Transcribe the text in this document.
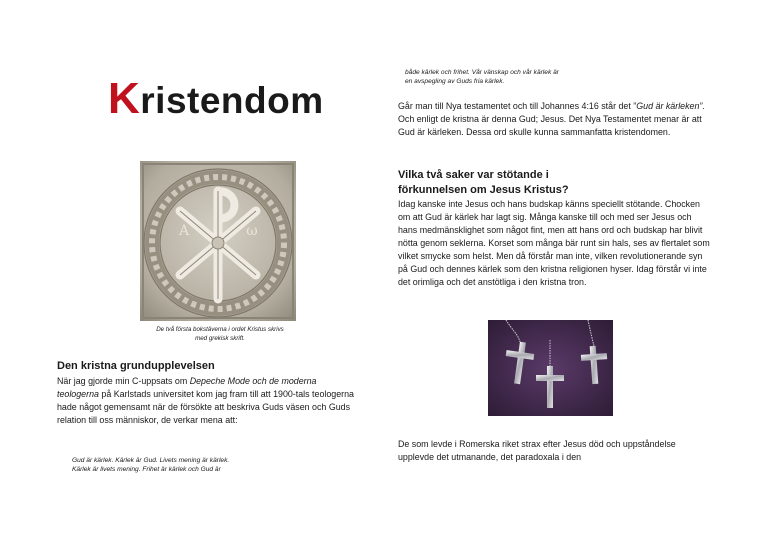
Kristendom
A	ω
De två första bokstäverna i ordet Kristus skrivs
med grekisk skrift.
Den kristna grundupplevelsen
När jag gjorde min C-uppsats om Depeche Mode och de moderna teologerna på Karlstads universitet kom jag fram till att 1900-tals teologerna hade något gemensamt när de försökte att beskriva Guds väsen och Guds relation till oss människor, de verkar mena att:
Gud är kärlek. Kärlek är Gud. Livets mening är kärlek.
Kärlek är livets mening. Frihet är kärlek och Gud är
både kärlek och frihet. Vår vänskap och vår kärlek är
en avspegling av Guds fria kärlek.
Går man till Nya testamentet och till Johannes 4:16 står det ”Gud är kärleken”. Och enligt de kristna är denna Gud; Jesus. Det Nya Testamentet menar är att Gud är kärleken. Dessa ord skulle kunna sammanfatta kristendomen.
Vilka två saker var stötande i
förkunnelsen om Jesus Kristus?
Idag kanske inte Jesus och hans budskap känns speciellt stötande. Chocken om att Gud är kärlek har lagt sig. Många kanske till och med ser Jesus och hans medmänsklighet som något fint, men att hans ord och budskap har blivit nötta genom seklerna. Korset som många bär runt sin hals, ses av flertalet som vilket smycke som helst. Men då förstår man inte, vilken revolutionerande syn på Gud och dennes kärlek som den kristna religionen hyser. Idag förstår vi inte det orimliga och det anstötliga i den kristna tron.
De som levde i Romerska riket strax efter Jesus död och uppståndelse upplevde det utmanande, det paradoxala i den
